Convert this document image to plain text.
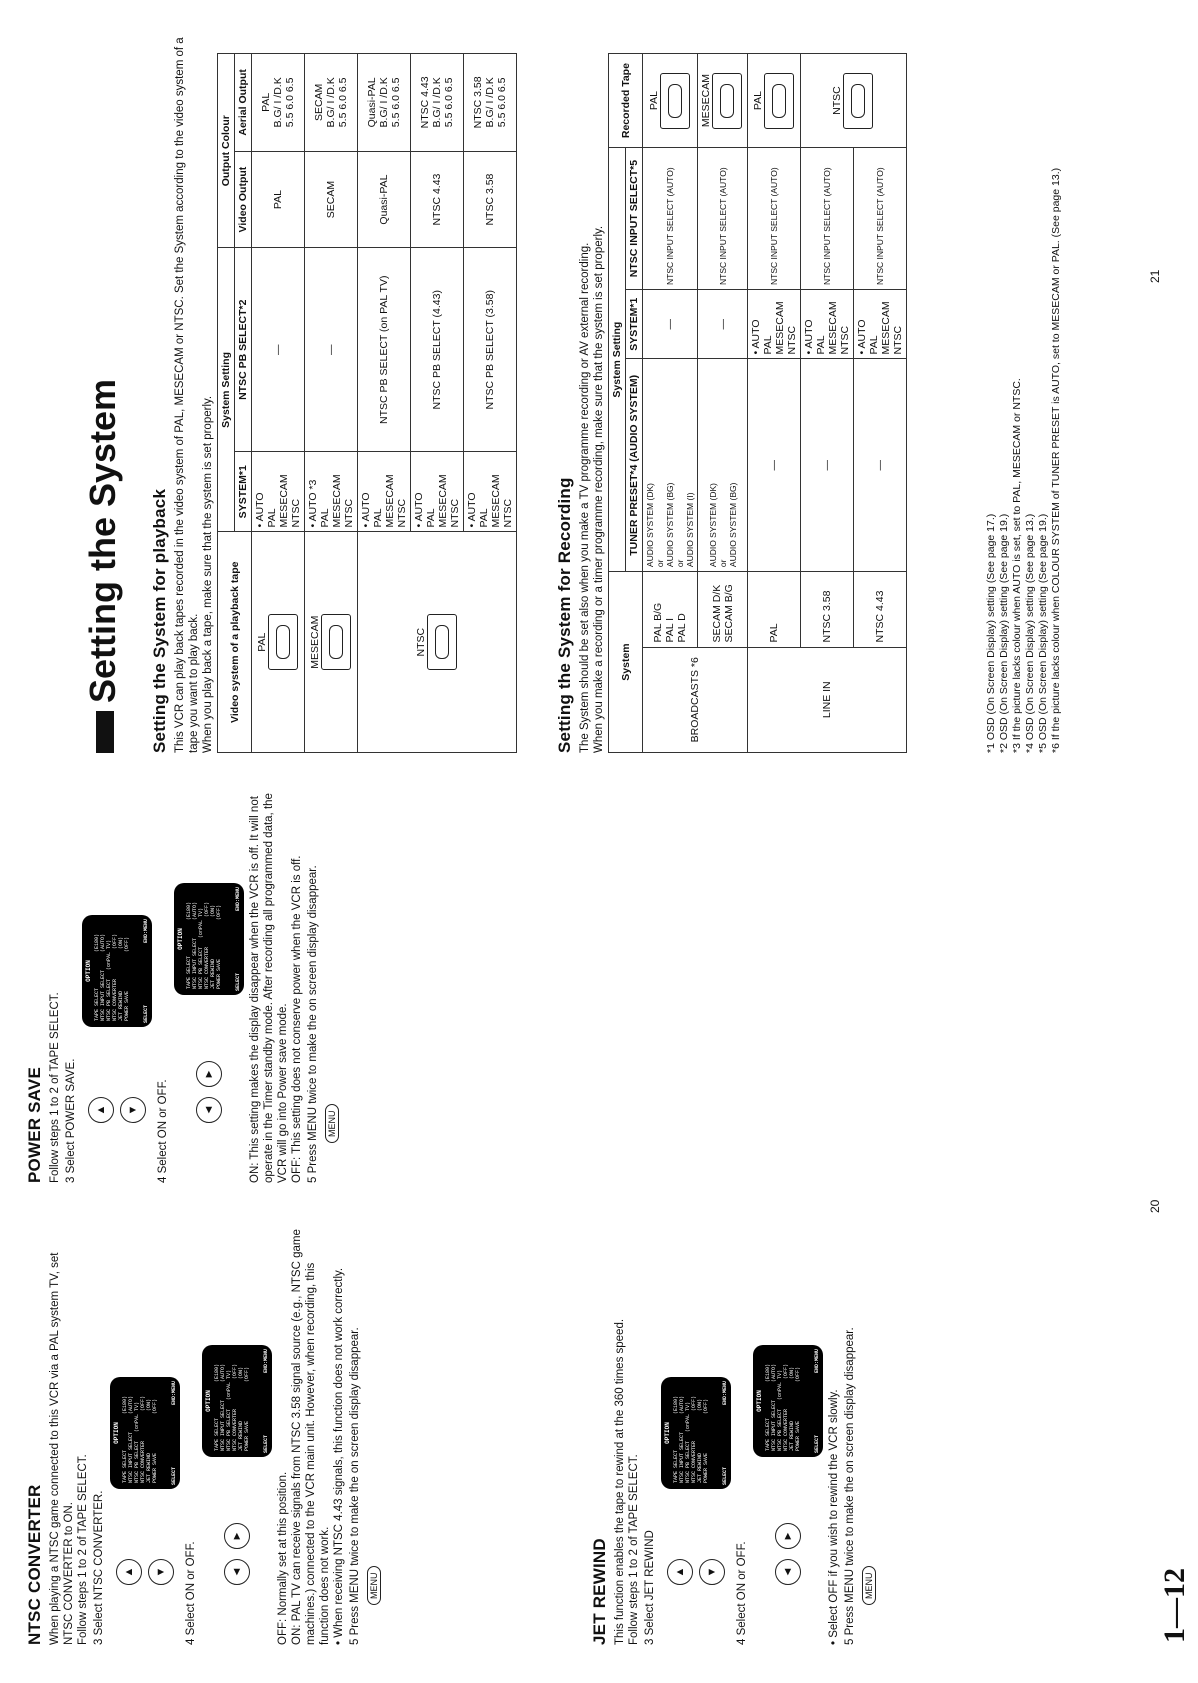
NTSC CONVERTER When playing a NTSC game connected to this VCR via a PAL system TV, set NTSC CONVERTER to ON. Follow steps 1 to 2 of TAPE SELECT. 3 Select NTSC CONVERTER. ▲ ▼
OPTION TAPE SELECT            (E180) NTSC INPUT SELECT      (AUTO) NTSC PB SELECT   (onPAL TV) NTSC CONVERTER          (OFF) JET REWIND              (ON) POWER SAVE             (OFF)	SELECT
END:MENU

4 Select ON or OFF.	◄
►
OPTION TAPE SELECT            (E180) NTSC INPUT SELECT      (AUTO) NTSC PB SELECT   (onPAL TV) NTSC CONVERTER          (OFF) JET REWIND              (ON) POWER SAVE             (OFF)	SELECT
END:MENU

OFF: Normally set at this position. ON: PAL TV can receive signals from NTSC 3.58 signal source (e.g., NTSC game machines.) connected to the VCR main unit. However, when recording, this function does not work. • When receiving NTSC 4.43 signals, this function does not work correctly. 5 Press MENU twice to make the on screen display disappear. MENU	JET REWIND This function enables the tape to rewind at the 360 times speed. Follow steps 1 to 2 of TAPE SELECT. 3 Select JET REWIND ▲ ▼
OPTION TAPE SELECT            (E180) NTSC INPUT SELECT      (AUTO) NTSC PB SELECT   (onPAL TV) NTSC CONVERTER          (OFF) JET REWIND              (ON) POWER SAVE             (OFF)	SELECT
END:MENU

4 Select ON or OFF.	◄
►
OPTION TAPE SELECT            (E180) NTSC INPUT SELECT      (AUTO) NTSC PB SELECT   (onPAL TV) NTSC CONVERTER          (OFF) JET REWIND              (ON) POWER SAVE             (OFF)	SELECT
END:MENU

• Select OFF if you wish to rewind the VCR slowly. 5 Press MENU twice to make the on screen display disappear. MENU
POWER SAVE Follow steps 1 to 2 of TAPE SELECT. 3 Select POWER SAVE. ▲ ▼
OPTION TAPE SELECT            (E180) NTSC INPUT SELECT      (AUTO) NTSC PB SELECT   (onPAL TV) NTSC CONVERTER          (OFF) JET REWIND              (ON) POWER SAVE             (OFF)	SELECT
END:MENU

4 Select ON or OFF.	◄
►
OPTION TAPE SELECT            (E180) NTSC INPUT SELECT      (AUTO) NTSC PB SELECT   (onPAL TV) NTSC CONVERTER          (OFF) JET REWIND              (ON) POWER SAVE             (OFF)	SELECT
END:MENU ON: This setting makes the display disappear when the VCR is off. It will not operate in the Timer standby mode. After recording all programmed data, the VCR will go into Power save mode. OFF: This setting does not conserve power when the VCR is off. 5 Press MENU twice to make the on screen display disappear. MENU
20
Setting the System Setting the System for playback This VCR can play back tapes recorded in the video system of PAL, MESECAM or NTSC. Set the System according to the video system of a tape you want to play back. When you play back a tape, make sure that the system is set properly. Video system of a playback tape	System Setting		Output Colour	
	SYSTEM*1	NTSC PB SELECT*2	Video Output	Aerial Output

PAL	• AUTO
PAL
MESECAM
NTSC	—	PAL	PAL
B.G/ I /D.K
5.5 6.0 6.5

MESECAM	• AUTO *3
PAL
MESECAM
NTSC	—	SECAM	SECAM
B.G/ I /D.K
5.5 6.0 6.5

NTSC	• AUTO
PAL
MESECAM
NTSC	NTSC PB SELECT (on PAL TV)	Quasi-PAL	Quasi-PAL
B.G/ I /D.K
5.5 6.0 6.5
	• AUTO
PAL
MESECAM
NTSC	NTSC PB SELECT (4.43)	NTSC 4.43	NTSC 4.43
B.G/ I /D.K
5.5 6.0 6.5
	• AUTO
PAL
MESECAM
NTSC	NTSC PB SELECT (3.58)	NTSC 3.58	NTSC 3.58
B.G/ I /D.K
5.5 6.0 6.5
Setting the System for Recording The System should be set also when you make a TV programme recording or AV external recording. When you make a recording or a timer programme recording, make sure that the system is set properly. System		System Setting			Recorded Tape
		TUNER PRESET*4 (AUDIO SYSTEM)	SYSTEM*1	NTSC INPUT SELECT*5	
BROADCASTS *6	PAL B/G
PAL I
PAL D	AUDIO SYSTEM (DK)
or
AUDIO SYSTEM (BG)
or
AUDIO SYSTEM (I)	—	NTSC INPUT SELECT (AUTO)	PAL

	SECAM D/K
SECAM B/G	AUDIO SYSTEM (DK)
or
AUDIO SYSTEM (BG)	—	NTSC INPUT SELECT (AUTO)	MESECAM

LINE IN	PAL	—	• AUTO
PAL
MESECAM
NTSC	NTSC INPUT SELECT (AUTO)	PAL

	NTSC 3.58	—	• AUTO
PAL
MESECAM
NTSC	NTSC INPUT SELECT (AUTO)	NTSC

	NTSC 4.43	—	• AUTO
PAL
MESECAM
NTSC	NTSC INPUT SELECT (AUTO)	
*1 OSD (On Screen Display) setting (See page 17.) *2 OSD (On Screen Display) setting (See page 19.) *3 If the picture lacks colour when AUTO is set, set to PAL, MESECAM or NTSC. *4 OSD (On Screen Display) setting (See page 13.) *5 OSD (On Screen Display) setting (See page 19.) *6 If the picture lacks colour when COLOUR SYSTEM of TUNER PRESET is AUTO, set to MESECAM or PAL. (See page 13.)	21
1—12
